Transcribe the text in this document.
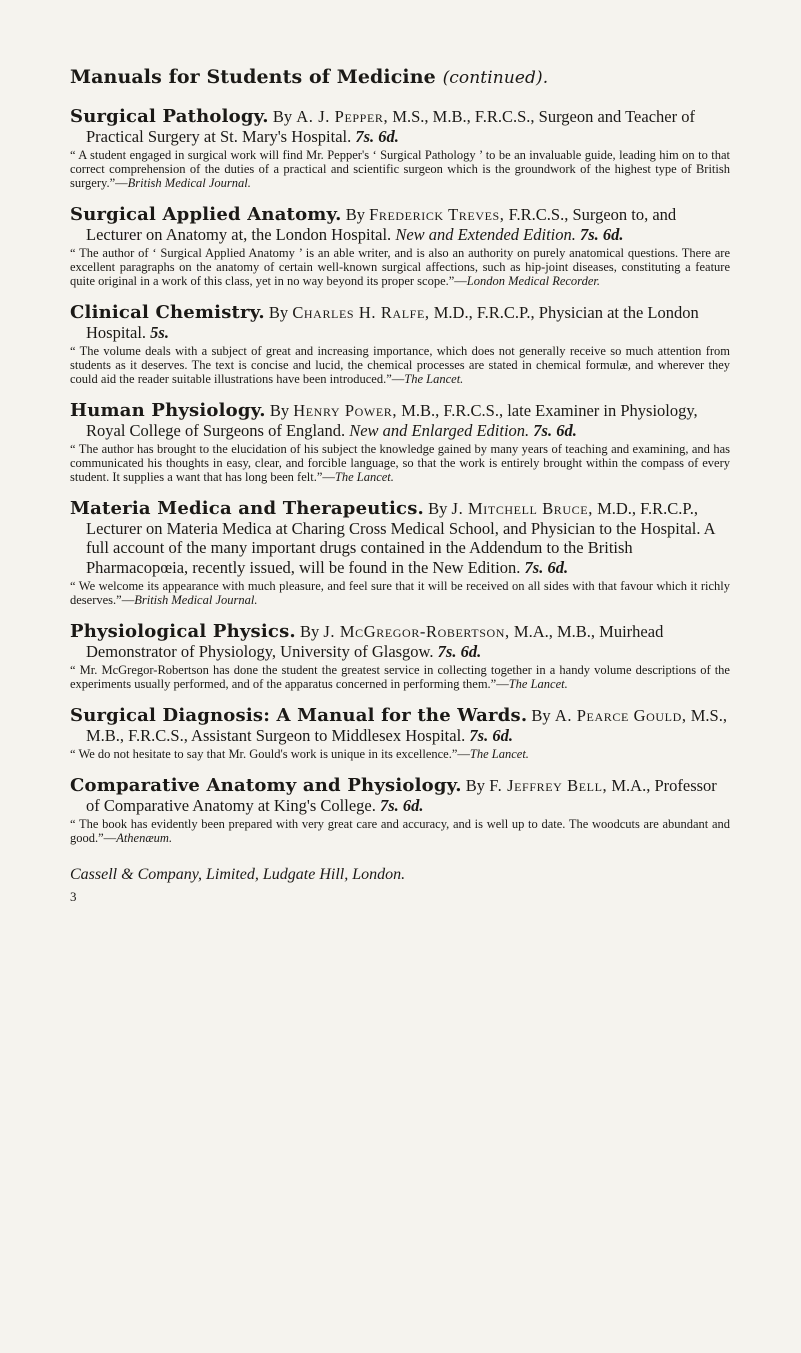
Manuals for Students of Medicine (continued).
Surgical Pathology. By A. J. Pepper, M.S., M.B., F.R.C.S., Surgeon and Teacher of Practical Surgery at St. Mary's Hospital. 7s. 6d.
“ A student engaged in surgical work will find Mr. Pepper's ‘ Surgical Pathology ’ to be an invaluable guide, leading him on to that correct comprehension of the duties of a practical and scientific surgeon which is the groundwork of the highest type of British surgery.”—British Medical Journal.
Surgical Applied Anatomy. By Frederick Treves, F.R.C.S., Surgeon to, and Lecturer on Anatomy at, the London Hospital. New and Extended Edition. 7s. 6d.
“ The author of ‘ Surgical Applied Anatomy ’ is an able writer, and is also an authority on purely anatomical questions. There are excellent paragraphs on the anatomy of certain well-known surgical affections, such as hip-joint diseases, constituting a feature quite original in a work of this class, yet in no way beyond its proper scope.”—London Medical Recorder.
Clinical Chemistry. By Charles H. Ralfe, M.D., F.R.C.P., Physician at the London Hospital. 5s.
“ The volume deals with a subject of great and increasing importance, which does not generally receive so much attention from students as it deserves. The text is concise and lucid, the chemical processes are stated in chemical formulæ, and wherever they could aid the reader suitable illustrations have been introduced.”—The Lancet.
Human Physiology. By Henry Power, M.B., F.R.C.S., late Examiner in Physiology, Royal College of Surgeons of England. New and Enlarged Edition. 7s. 6d.
“ The author has brought to the elucidation of his subject the knowledge gained by many years of teaching and examining, and has communicated his thoughts in easy, clear, and forcible language, so that the work is entirely brought within the compass of every student. It supplies a want that has long been felt.”—The Lancet.
Materia Medica and Therapeutics. By J. Mitchell Bruce, M.D., F.R.C.P., Lecturer on Materia Medica at Charing Cross Medical School, and Physician to the Hospital. A full account of the many important drugs contained in the Addendum to the British Pharmacopœia, recently issued, will be found in the New Edition. 7s. 6d.
“ We welcome its appearance with much pleasure, and feel sure that it will be received on all sides with that favour which it richly deserves.”—British Medical Journal.
Physiological Physics. By J. McGregor-Robertson, M.A., M.B., Muirhead Demonstrator of Physiology, University of Glasgow. 7s. 6d.
“ Mr. McGregor-Robertson has done the student the greatest service in collecting together in a handy volume descriptions of the experiments usually performed, and of the apparatus concerned in performing them.”—The Lancet.
Surgical Diagnosis: A Manual for the Wards. By A. Pearce Gould, M.S., M.B., F.R.C.S., Assistant Surgeon to Middlesex Hospital. 7s. 6d.
“ We do not hesitate to say that Mr. Gould's work is unique in its excellence.”—The Lancet.
Comparative Anatomy and Physiology. By F. Jeffrey Bell, M.A., Professor of Comparative Anatomy at King's College. 7s. 6d.
“ The book has evidently been prepared with very great care and accuracy, and is well up to date. The woodcuts are abundant and good.”—Athenæum.
Cassell & Company, Limited, Ludgate Hill, London.
3
